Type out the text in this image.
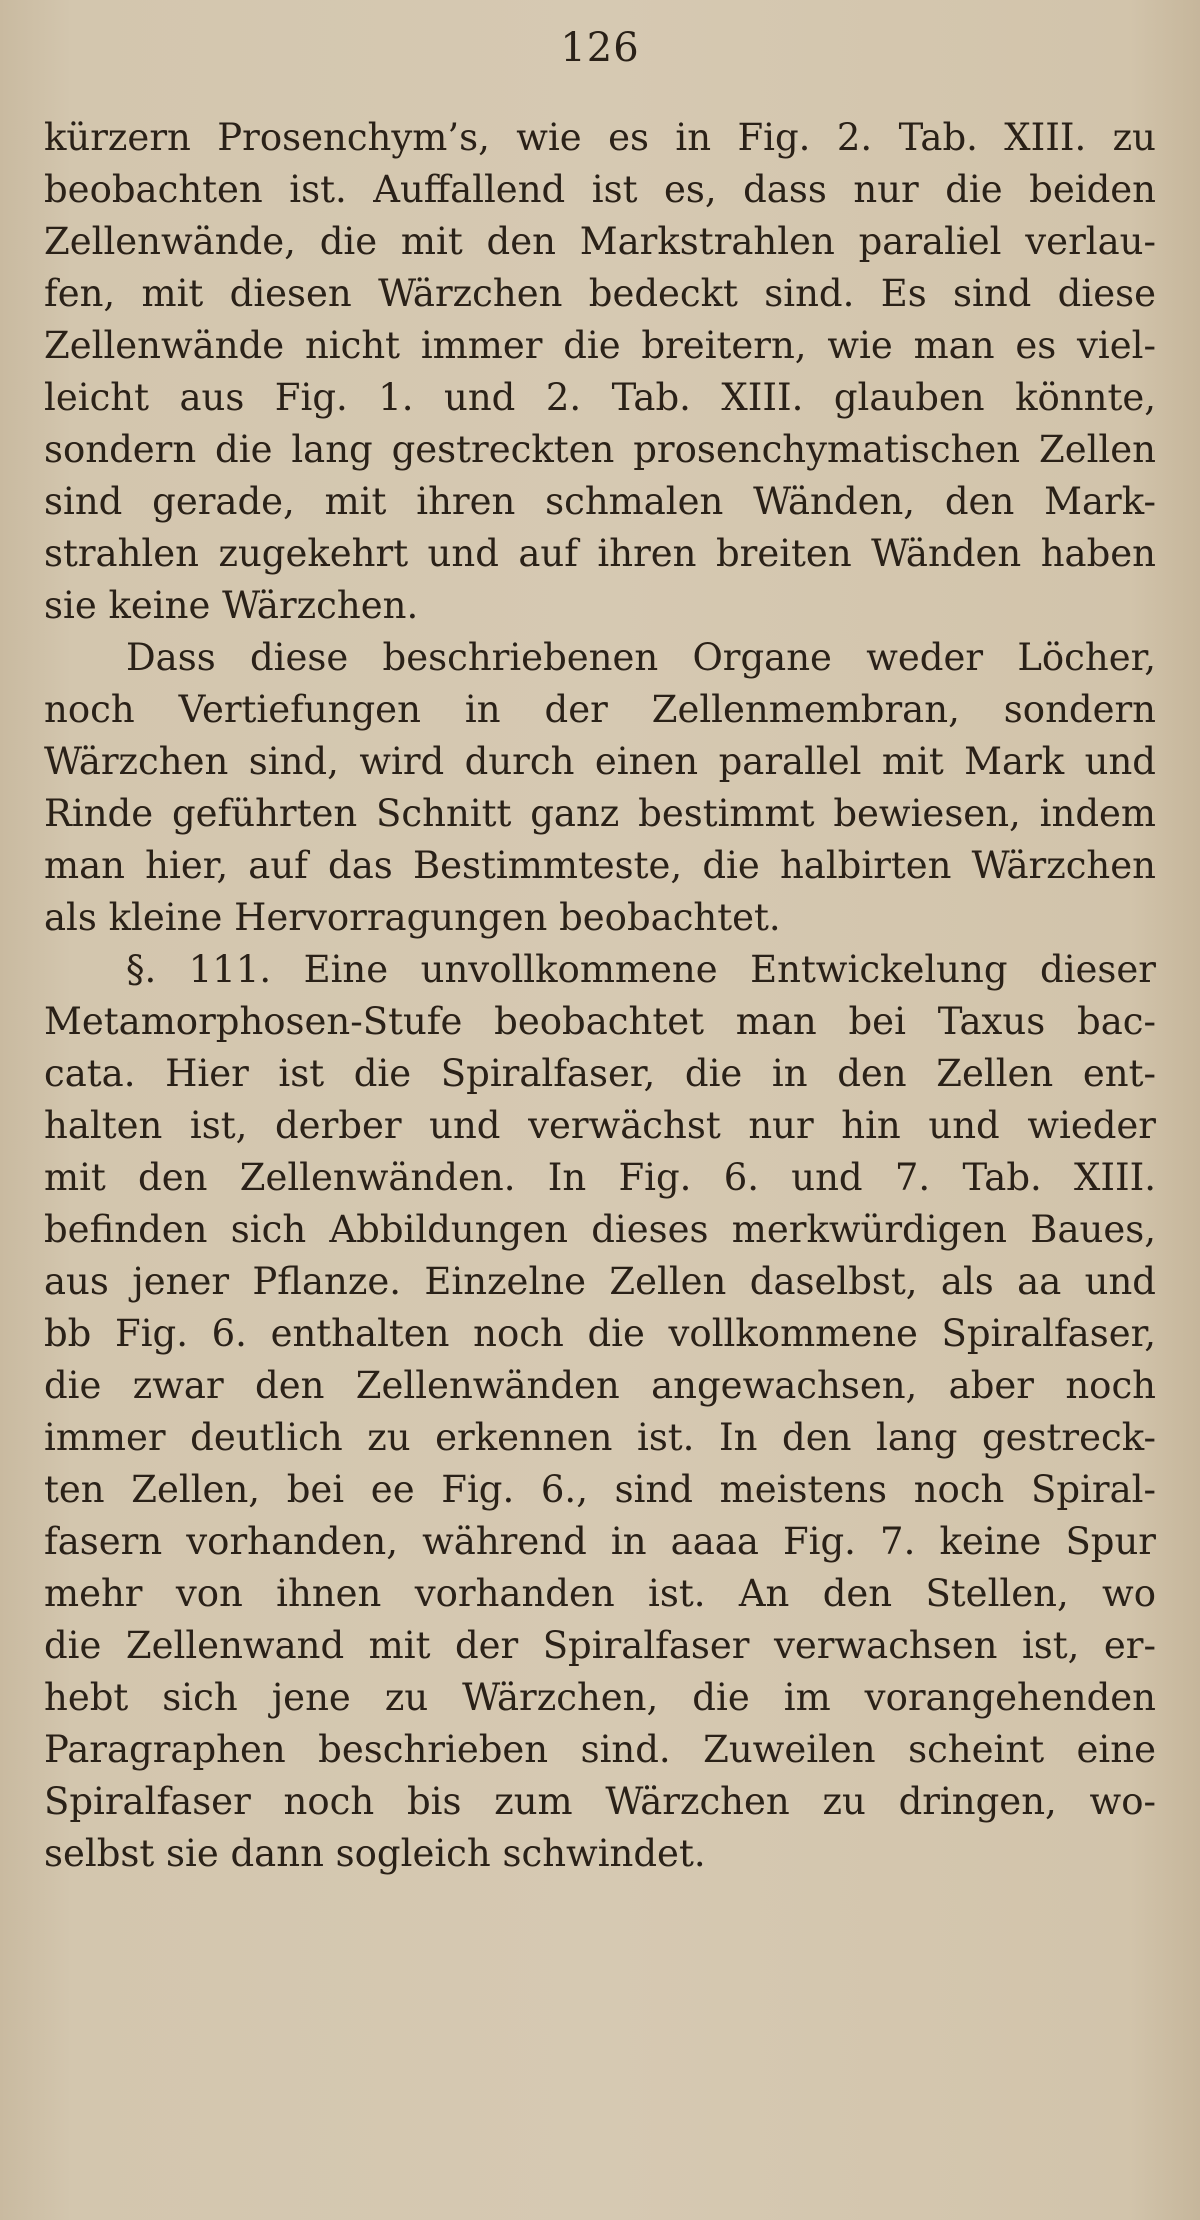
126
kürzern Prosenchym’s, wie es in Fig. 2. Tab. XIII. zu
beobachten ist. Auffallend ist es, dass nur die beiden
Zellenwände, die mit den Markstrahlen paraliel verlau-
fen, mit diesen Wärzchen bedeckt sind. Es sind diese
Zellenwände nicht immer die breitern, wie man es viel-
leicht aus Fig. 1. und 2. Tab. XIII. glauben könnte,
sondern die lang gestreckten prosenchymatischen Zellen
sind gerade, mit ihren schmalen Wänden, den Mark-
strahlen zugekehrt und auf ihren breiten Wänden haben
sie keine Wärzchen.
Dass diese beschriebenen Organe weder Löcher,
noch Vertiefungen in der Zellenmembran, sondern
Wärzchen sind, wird durch einen parallel mit Mark und
Rinde geführten Schnitt ganz bestimmt bewiesen, indem
man hier, auf das Bestimmteste, die halbirten Wärzchen
als kleine Hervorragungen beobachtet.
§. 111. Eine unvollkommene Entwickelung dieser
Metamorphosen-Stufe beobachtet man bei Taxus bac-
cata. Hier ist die Spiralfaser, die in den Zellen ent-
halten ist, derber und verwächst nur hin und wieder
mit den Zellenwänden. In Fig. 6. und 7. Tab. XIII.
befinden sich Abbildungen dieses merkwürdigen Baues,
aus jener Pflanze. Einzelne Zellen daselbst, als aa und
bb Fig. 6. enthalten noch die vollkommene Spiralfaser,
die zwar den Zellenwänden angewachsen, aber noch
immer deutlich zu erkennen ist. In den lang gestreck-
ten Zellen, bei ee Fig. 6., sind meistens noch Spiral-
fasern vorhanden, während in aaaa Fig. 7. keine Spur
mehr von ihnen vorhanden ist. An den Stellen, wo
die Zellenwand mit der Spiralfaser verwachsen ist, er-
hebt sich jene zu Wärzchen, die im vorangehenden
Paragraphen beschrieben sind. Zuweilen scheint eine
Spiralfaser noch bis zum Wärzchen zu dringen, wo-
selbst sie dann sogleich schwindet.
